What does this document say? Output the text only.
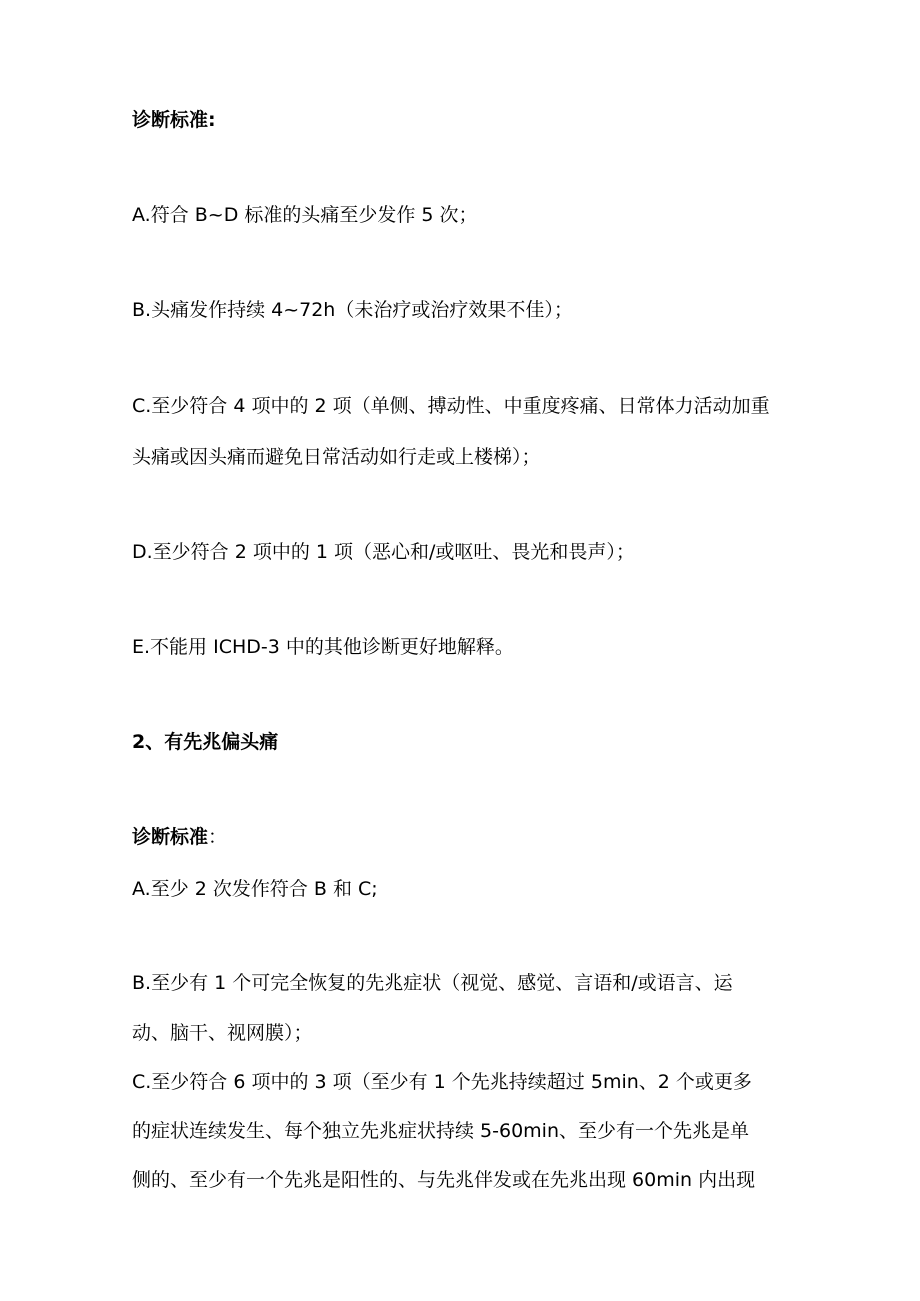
诊断标准:
A.符合 B~D 标准的头痛至少发作 5 次；
B.头痛发作持续 4~72h（未治疗或治疗效果不佳）；
C.至少符合 4 项中的 2 项（单侧、搏动性、中重度疼痛、日常体力活动加重
头痛或因头痛而避免日常活动如行走或上楼梯）；
D.至少符合 2 项中的 1 项（恶心和/或呕吐、畏光和畏声）；
E.不能用 ICHD-3 中的其他诊断更好地解释。
2、有先兆偏头痛
诊断标准：
A.至少 2 次发作符合 B 和 C;
B.至少有 1 个可完全恢复的先兆症状（视觉、感觉、言语和/或语言、运
动、脑干、视网膜）；
C.至少符合 6 项中的 3 项（至少有 1 个先兆持续超过 5min、2 个或更多
的症状连续发生、每个独立先兆症状持续 5-60min、至少有一个先兆是单
侧的、至少有一个先兆是阳性的、与先兆伴发或在先兆出现 60min 内出现
